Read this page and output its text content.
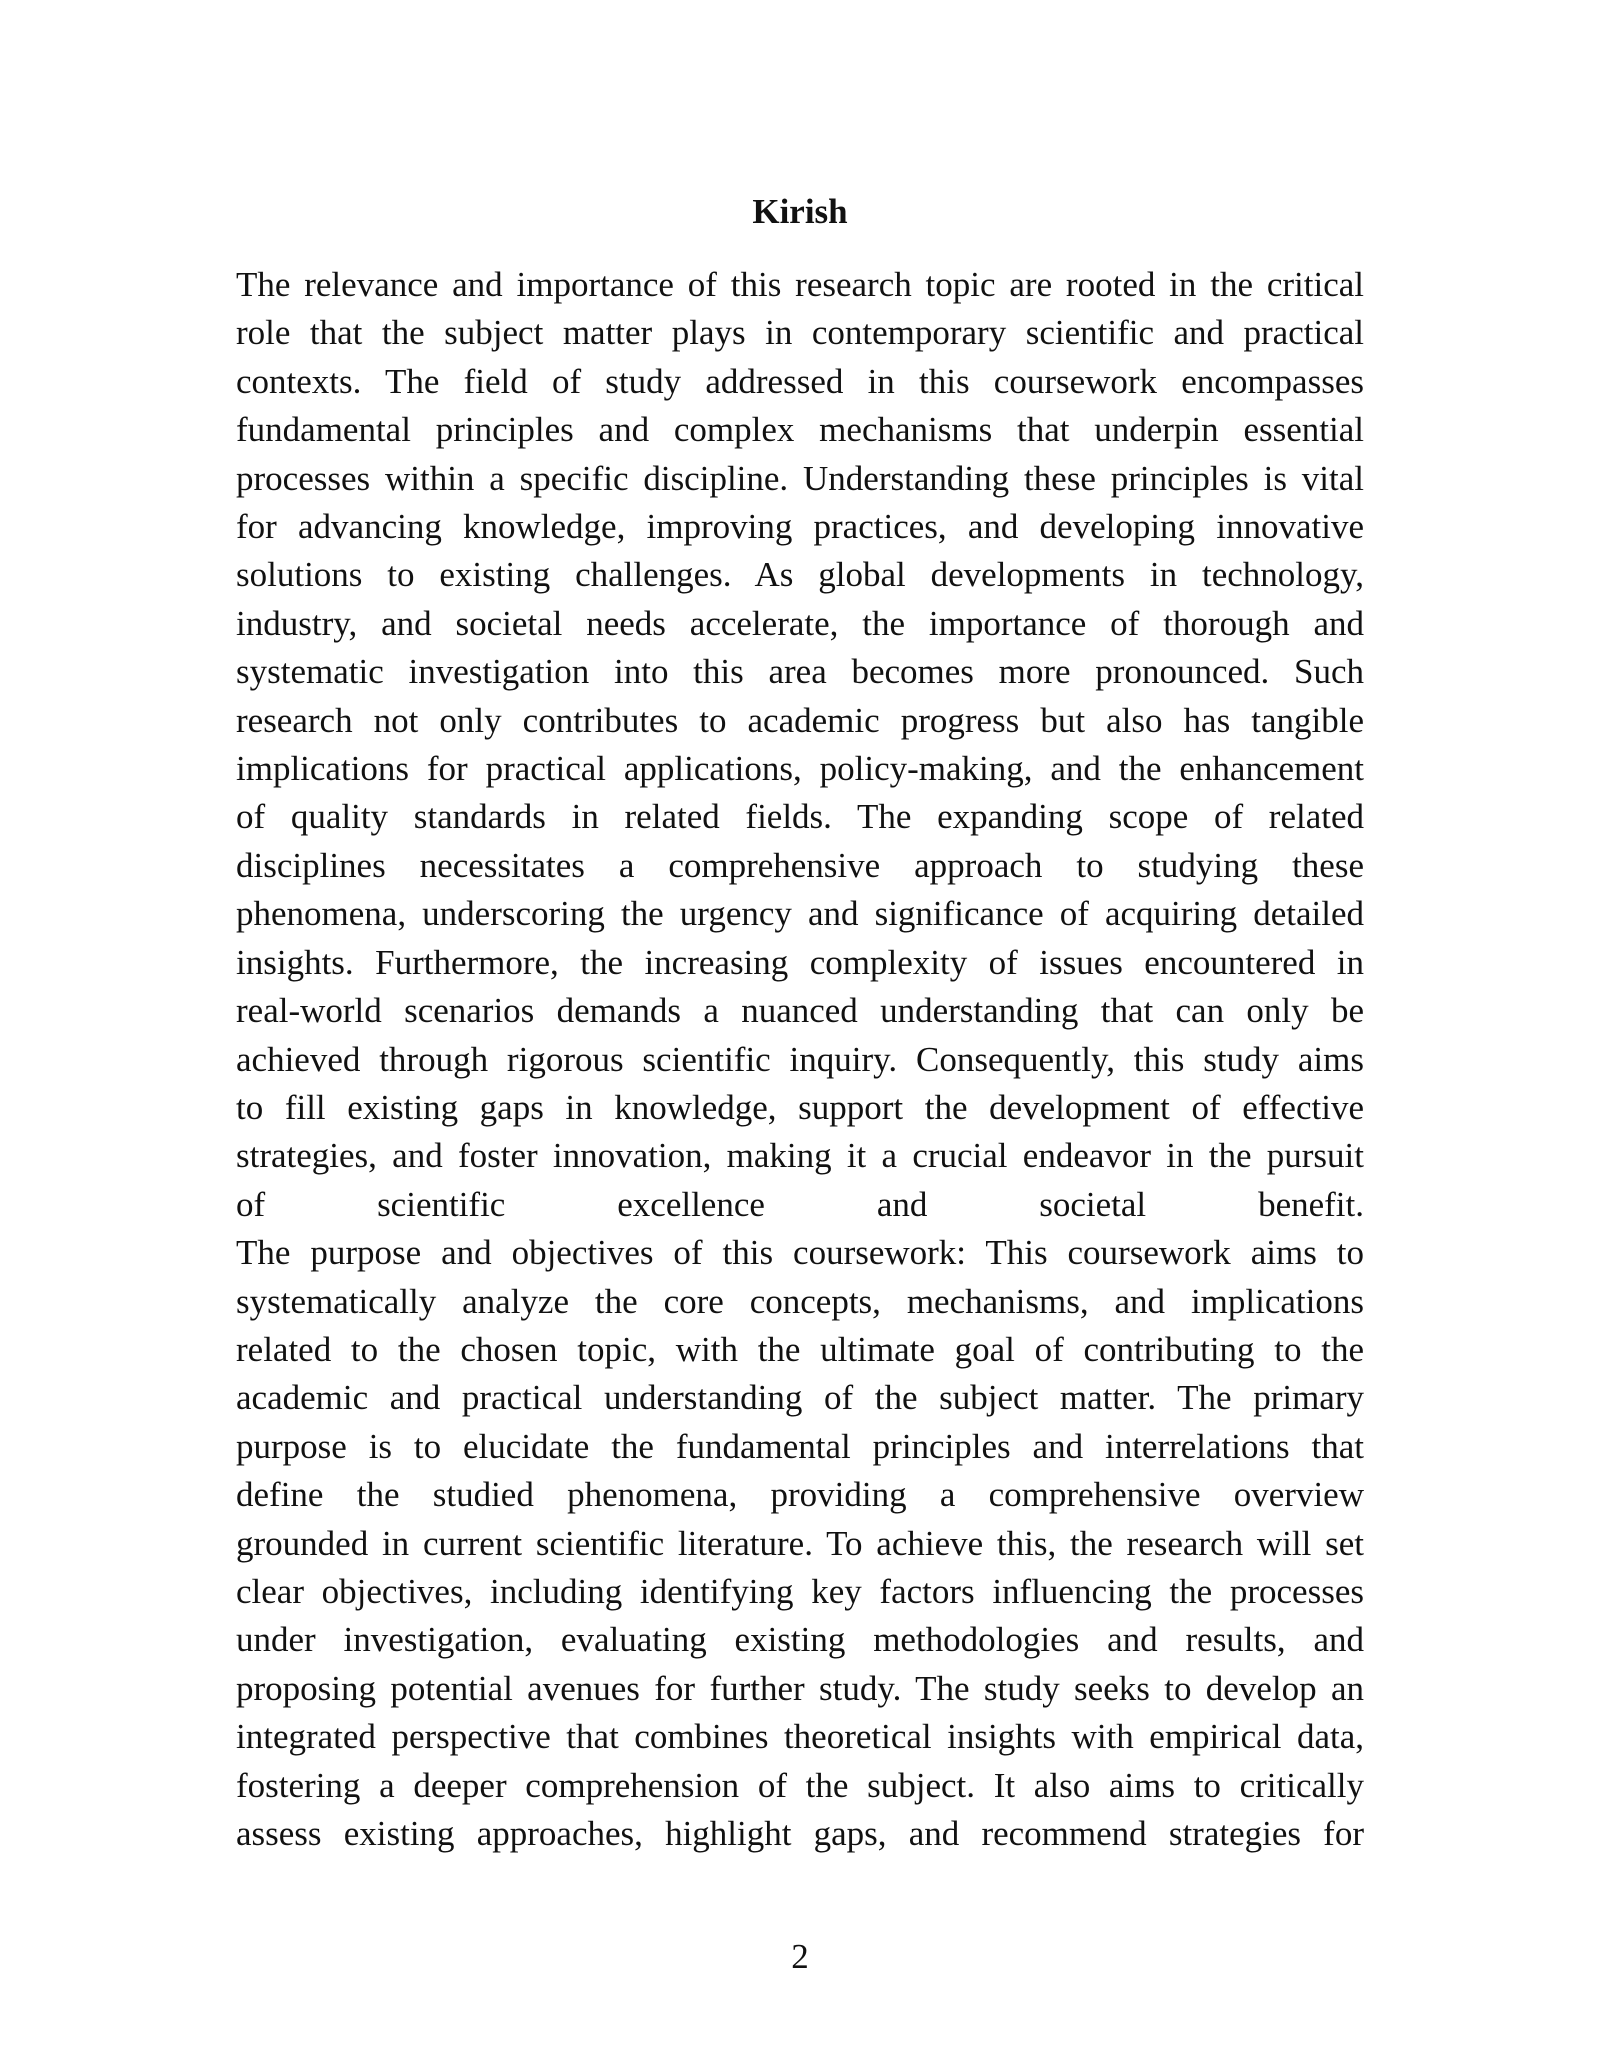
Kirish
The relevance and importance of this research topic are rooted in the critical
role that the subject matter plays in contemporary scientific and practical
contexts. The field of study addressed in this coursework encompasses
fundamental principles and complex mechanisms that underpin essential
processes within a specific discipline. Understanding these principles is vital
for advancing knowledge, improving practices, and developing innovative
solutions to existing challenges. As global developments in technology,
industry, and societal needs accelerate, the importance of thorough and
systematic investigation into this area becomes more pronounced. Such
research not only contributes to academic progress but also has tangible
implications for practical applications, policy-making, and the enhancement
of quality standards in related fields. The expanding scope of related
disciplines necessitates a comprehensive approach to studying these
phenomena, underscoring the urgency and significance of acquiring detailed
insights. Furthermore, the increasing complexity of issues encountered in
real-world scenarios demands a nuanced understanding that can only be
achieved through rigorous scientific inquiry. Consequently, this study aims
to fill existing gaps in knowledge, support the development of effective
strategies, and foster innovation, making it a crucial endeavor in the pursuit
of scientific excellence and societal benefit.
The purpose and objectives of this coursework: This coursework aims to
systematically analyze the core concepts, mechanisms, and implications
related to the chosen topic, with the ultimate goal of contributing to the
academic and practical understanding of the subject matter. The primary
purpose is to elucidate the fundamental principles and interrelations that
define the studied phenomena, providing a comprehensive overview
grounded in current scientific literature. To achieve this, the research will set
clear objectives, including identifying key factors influencing the processes
under investigation, evaluating existing methodologies and results, and
proposing potential avenues for further study. The study seeks to develop an
integrated perspective that combines theoretical insights with empirical data,
fostering a deeper comprehension of the subject. It also aims to critically
assess existing approaches, highlight gaps, and recommend strategies for
2
